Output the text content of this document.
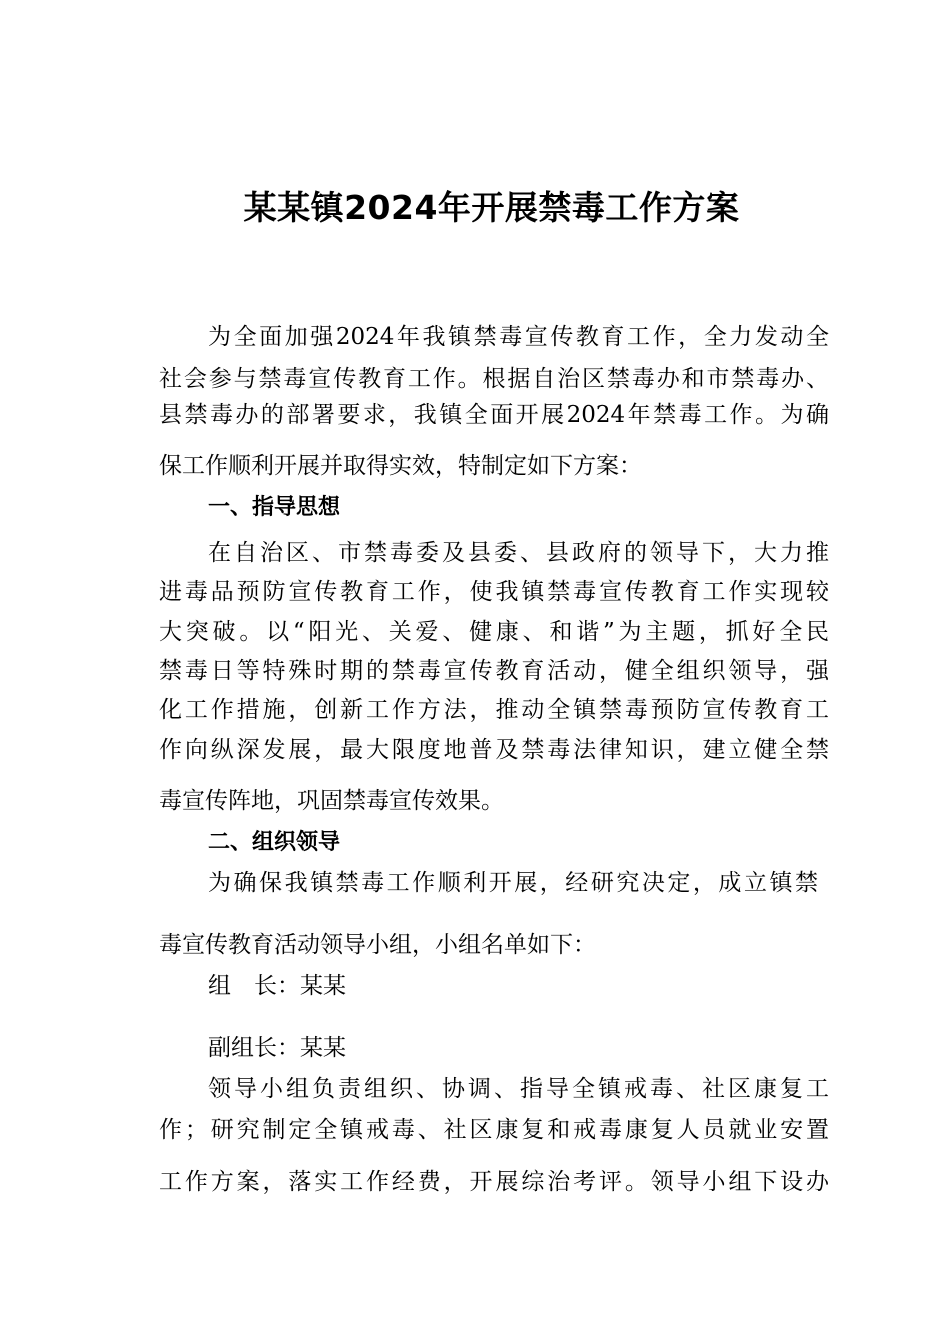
某某镇2024年开展禁毒工作方案
为全面加强2024年我镇禁毒宣传教育工作，全力发动全
社会参与禁毒宣传教育工作。根据自治区禁毒办和市禁毒办、
县禁毒办的部署要求，我镇全面开展2024年禁毒工作。为确
保工作顺利开展并取得实效，特制定如下方案：
一、指导思想
在自治区、市禁毒委及县委、县政府的领导下，大力推
进毒品预防宣传教育工作，使我镇禁毒宣传教育工作实现较
大突破。以“阳光、关爱、健康、和谐”为主题，抓好全民
禁毒日等特殊时期的禁毒宣传教育活动，健全组织领导，强
化工作措施，创新工作方法，推动全镇禁毒预防宣传教育工
作向纵深发展，最大限度地普及禁毒法律知识，建立健全禁
毒宣传阵地，巩固禁毒宣传效果。
二、组织领导
为确保我镇禁毒工作顺利开展，经研究决定，成立镇禁
毒宣传教育活动领导小组，小组名单如下：
组　长：某某
副组长：某某
领导小组负责组织、协调、指导全镇戒毒、社区康复工
作；研究制定全镇戒毒、社区康复和戒毒康复人员就业安置
工作方案，落实工作经费，开展综治考评。领导小组下设办
